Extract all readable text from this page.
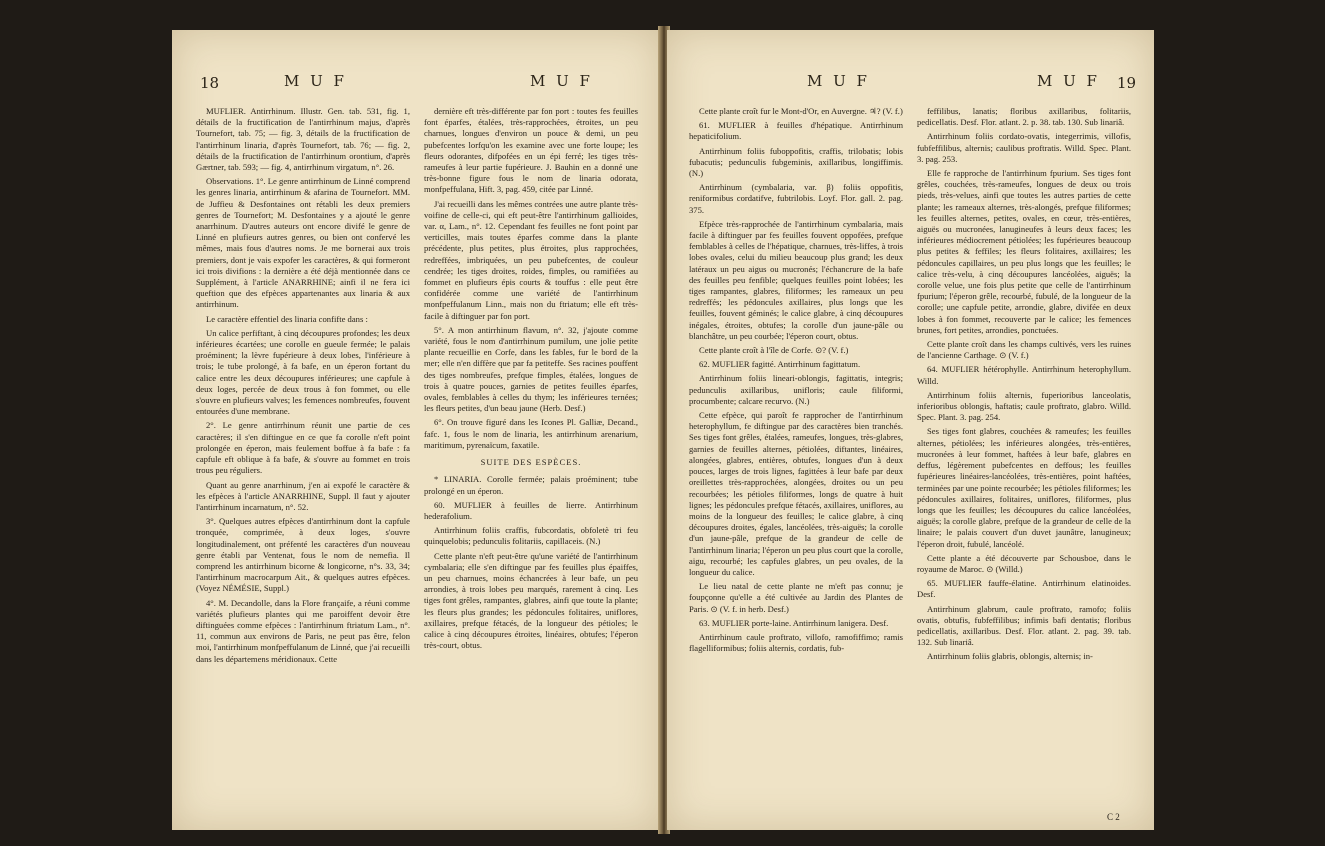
18	M U F	M U F

MUFLIER. Antirrhinum. Illustr. Gen. tab. 531, fig. 1, détails de la fructification de l'antirrhinum majus, d'après Tournefort, tab. 75; — fig. 3, détails de la fructification de l'antirrhinum linaria, d'après Tournefort, tab. 76; — fig. 2, détails de la fructification de l'antirrhinum orontium, d'après Gærtner, tab. 593; — fig. 4, antirrhinum virgatum, n°. 26.

Observations. 1°. Le genre antirrhinum de Linné comprend les genres linaria, antirrhinum & afarina de Tournefort. MM. de Juffieu & Desfontaines ont rétabli les deux premiers genres de Tournefort; M. Desfontaines y a ajouté le genre anarrhinum. D'autres auteurs ont encore divifé le genre de Linné en plufieurs autres genres, ou bien ont confervé les mêmes, mais fous d'autres noms. Je me bornerai aux trois premiers, dont je vais expofer les caractères, & qui formeront ici trois divifions : la dernière a été déjà mentionnée dans ce Supplément, à l'article ANARRHINE; ainfi il ne fera ici queftion que des efpèces appartenantes aux linaria & aux antirrhinum.

Le caractère effentiel des linaria confifte dans :

Un calice perfiftant, à cinq découpures profondes; les deux inférieures écartées; une corolle en gueule fermée; le palais proéminent; la lèvre fupérieure à deux lobes, l'inférieure à trois; le tube prolongé, à fa bafe, en un éperon fortant du calice entre les deux découpures inférieures; une capfule à deux loges, percée de deux trous à fon fommet, ou elle s'ouvre en plufieurs valves; les femences nombreufes, fouvent entourées d'une membrane.

2°. Le genre antirrhinum réunit une partie de ces caractères; il s'en diftingue en ce que fa corolle n'eft point prolongée en éperon, mais feulement boffue à fa bafe : fa capfule eft oblique à fa bafe, & s'ouvre au fommet en trois trous peu réguliers.

Quant au genre anarrhinum, j'en ai expofé le caractère & les efpèces à l'article ANARRHINE, Suppl. Il faut y ajouter l'antirrhinum incarnatum, n°. 52.

3°. Quelques autres efpèces d'antirrhinum dont la capfule tronquée, comprimée, à deux loges, s'ouvre longitudinalement, ont préfenté les caractères d'un nouveau genre établi par Ventenat, fous le nom de nemefia. Il comprend les antirrhinum bicorne & longicorne, n°s. 33, 34; l'antirrhinum macrocarpum Ait., & quelques autres efpèces. (Voyez NÉMÉSIE, Suppl.)

4°. M. Decandolle, dans la Flore françaife, a réuni comme variétés plufieurs plantes qui me paroiffent devoir être diftinguées comme efpèces : l'antirrhinum ftriatum Lam., n°. 11, commun aux environs de Paris, ne peut pas être, felon moi, l'antirrhinum monfpeffulanum de Linné, que j'ai recueilli dans les départemens méridionaux. Cette

dernière eft très-différente par fon port : toutes fes feuilles font éparfes, étalées, très-rapprochées, étroites, un peu charnues, longues d'environ un pouce & demi, un peu pubefcentes lorfqu'on les examine avec une forte loupe; les fleurs odorantes, difpofées en un épi ferré; les tiges très-rameufes à leur partie fupérieure. J. Bauhin en a donné une très-bonne figure fous le nom de linaria odorata, monfpeffulana, Hift. 3, pag. 459, citée par Linné.

J'ai recueilli dans les mêmes contrées une autre plante très-voifine de celle-ci, qui eft peut-être l'antirrhinum gallioides, var. α, Lam., n°. 12. Cependant fes feuilles ne font point par verticilles, mais toutes éparfes comme dans la plante précédente, plus petites, plus étroites, plus rapprochées, redreffées, imbriquées, un peu pubefcentes, de couleur cendrée; les tiges droites, roides, fimples, ou ramifiées au fommet en plufieurs épis courts & touffus : elle peut être confidérée comme une variété de l'antirrhinum monfpeffulanum Linn., mais non du ftriatum; elle eft très-facile à diftinguer par fon port.

5°. A mon antirrhinum flavum, n°. 32, j'ajoute comme variété, fous le nom d'antirrhinum pumilum, une jolie petite plante recueillie en Corfe, dans les fables, fur le bord de la mer; elle n'en diffère que par fa petiteffe. Ses racines pouffent des tiges nombreufes, prefque fimples, étalées, longues de trois à quatre pouces, garnies de petites feuilles éparfes, ovales, femblables à celles du thym; les inférieures ternées; les fleurs petites, d'un beau jaune (Herb. Desf.)

6°. On trouve figuré dans les Icones Pl. Galliæ, Decand., fafc. 1, fous le nom de linaria, les antirrhinum arenarium, maritimum, pyrenaïcum, faxatile.

SUITE DES ESPÈCES.

* LINARIA. Corolle fermée; palais proéminent; tube prolongé en un éperon.

60. MUFLIER à feuilles de lierre. Antirrhinum hederafolium.

Antirrhinum foliis craffis, fubcordatis, obfoletè tri feu quinquelobis; pedunculis folitariis, capillaceis. (N.)

Cette plante n'eft peut-être qu'une variété de l'antirrhinum cymbalaria; elle s'en diftingue par fes feuilles plus épaiffes, un peu charnues, moins échancrées à leur bafe, un peu arrondies, à trois lobes peu marqués, rarement à cinq. Les tiges font grêles, rampantes, glabres, ainfi que toute la plante; les fleurs plus grandes; les pédoncules folitaires, uniflores, axillaires, prefque fétacés, de la longueur des pétioles; le calice à cinq découpures étroites, linéaires, obtufes; l'éperon très-court, obtus.

M U F	M U F 19

Cette plante croît fur le Mont-d'Or, en Auvergne. ♃? (V. f.)

61. MUFLIER à feuilles d'hépatique. Antirrhinum hepaticifolium.

Antirrhinum foliis fuboppofitis, craffis, trilobatis; lobis fubacutis; pedunculis fubgeminis, axillaribus, longiffimis. (N.)

Antirrhinum (cymbalaria, var. β) foliis oppofitis, reniformibus cordatifve, fubtrilobis. Loyf. Flor. gall. 2. pag. 375.

Efpèce très-rapprochée de l'antirrhinum cymbalaria, mais facile à diftinguer par fes feuilles fouvent oppofées, prefque femblables à celles de l'hépatique, charnues, très-liffes, à trois lobes ovales, celui du milieu beaucoup plus grand; les deux latéraux un peu aigus ou mucronés; l'échancrure de la bafe des feuilles peu fenfible; quelques feuilles point lobées; les tiges rampantes, glabres, filiformes; les rameaux un peu redreffés; les pédoncules axillaires, plus longs que les feuilles, fouvent géminés; le calice glabre, à cinq découpures inégales, étroites, obtufes; la corolle d'un jaune-pâle ou blanchâtre, un peu courbée; l'éperon court, obtus.

Cette plante croît à l'île de Corfe. ⊙? (V. f.)

62. MUFLIER fagitté. Antirrhinum fagittatum.

Antirrhinum foliis lineari-oblongis, fagittatis, integris; pedunculis axillaribus, unifloris; caule filiformi, procumbente; calcare recurvo. (N.)

Cette efpèce, qui paroît fe rapprocher de l'antirrhinum heterophyllum, fe diftingue par des caractères bien tranchés. Ses tiges font grêles, étalées, rameufes, longues, très-glabres, garnies de feuilles alternes, pétiolées, diftantes, linéaires, alongées, glabres, entières, obtufes, longues d'un à deux pouces, larges de trois lignes, fagittées à leur bafe par deux oreillettes très-rapprochées, alongées, droites ou un peu recourbées; les pétioles filiformes, longs de quatre à huit lignes; les pédoncules prefque fétacés, axillaires, uniflores, au moins de la longueur des feuilles; le calice glabre, à cinq découpures droites, égales, lancéolées, très-aiguës; la corolle d'un jaune-pâle, prefque de la grandeur de celle de l'antirrhinum linaria; l'éperon un peu plus court que la corolle, aigu, recourbé; les capfules glabres, un peu ovales, de la longueur du calice.

Le lieu natal de cette plante ne m'eft pas connu; je foupçonne qu'elle a été cultivée au Jardin des Plantes de Paris. ⊙ (V. f. in herb. Desf.)

63. MUFLIER porte-laine. Antirrhinum lanigera. Desf.

Antirrhinum caule proftrato, villofo, ramofiffimo; ramis flagelliformibus; foliis alternis, cordatis, fub-

feffilibus, lanatis; floribus axillaribus, folitariis, pedicellatis. Desf. Flor. atlant. 2. p. 38. tab. 130. Sub linariâ.

Antirrhinum foliis cordato-ovatis, integerrimis, villofis, fubfeffilibus, alternis; caulibus proftratis. Willd. Spec. Plant. 3. pag. 253.

Elle fe rapproche de l'antirrhinum fpurium. Ses tiges font grêles, couchées, très-rameufes, longues de deux ou trois pieds, très-velues, ainfi que toutes les autres parties de cette plante; les rameaux alternes, très-alongés, prefque filiformes; les feuilles alternes, petites, ovales, en cœur, très-entières, aiguës ou mucronées, lanugineufes à leurs deux faces; les inférieures médiocrement pétiolées; les fupérieures beaucoup plus petites & feffiles; les fleurs folitaires, axillaires; les pédoncules capillaires, un peu plus longs que les feuilles; le calice très-velu, à cinq découpures lancéolées, aiguës; la corolle velue, une fois plus petite que celle de l'antirrhinum fpurium; l'éperon grêle, recourbé, fubulé, de la longueur de la corolle; une capfule petite, arrondie, glabre, divifée en deux lobes à fon fommet, recouverte par le calice; les femences brunes, fort petites, arrondies, ponctuées.

Cette plante croît dans les champs cultivés, vers les ruines de l'ancienne Carthage. ⊙ (V. f.)

64. MUFLIER hétérophylle. Antirrhinum heterophyllum. Willd.

Antirrhinum foliis alternis, fuperioribus lanceolatis, inferioribus oblongis, haftatis; caule proftrato, glabro. Willd. Spec. Plant. 3. pag. 254.

Ses tiges font glabres, couchées & rameufes; les feuilles alternes, pétiolées; les inférieures alongées, très-entières, mucronées à leur fommet, haftées à leur bafe, glabres en deffus, légèrement pubefcentes en deffous; les feuilles fupérieures linéaires-lancéolées, très-entières, point haftées, terminées par une pointe recourbée; les pétioles filiformes; les pédoncules axillaires, folitaires, uniflores, filiformes, plus longs que les feuilles; les découpures du calice lancéolées, aiguës; la corolle glabre, prefque de la grandeur de celle de la linaire; le palais couvert d'un duvet jaunâtre, lanugineux; l'éperon droit, fubulé, lancéolé.

Cette plante a été découverte par Schousboe, dans le royaume de Maroc. ⊙ (Willd.)

65. MUFLIER fauffe-élatine. Antirrhinum elatinoides. Desf.

Antirrhinum glabrum, caule proftrato, ramofo; foliis ovatis, obtufis, fubfeffilibus; infimis bafi dentatis; floribus pedicellatis, axillaribus. Desf. Flor. atlant. 2. pag. 39. tab. 132. Sub linariâ.

Antirrhinum foliis glabris, oblongis, alternis; in-

C 2
